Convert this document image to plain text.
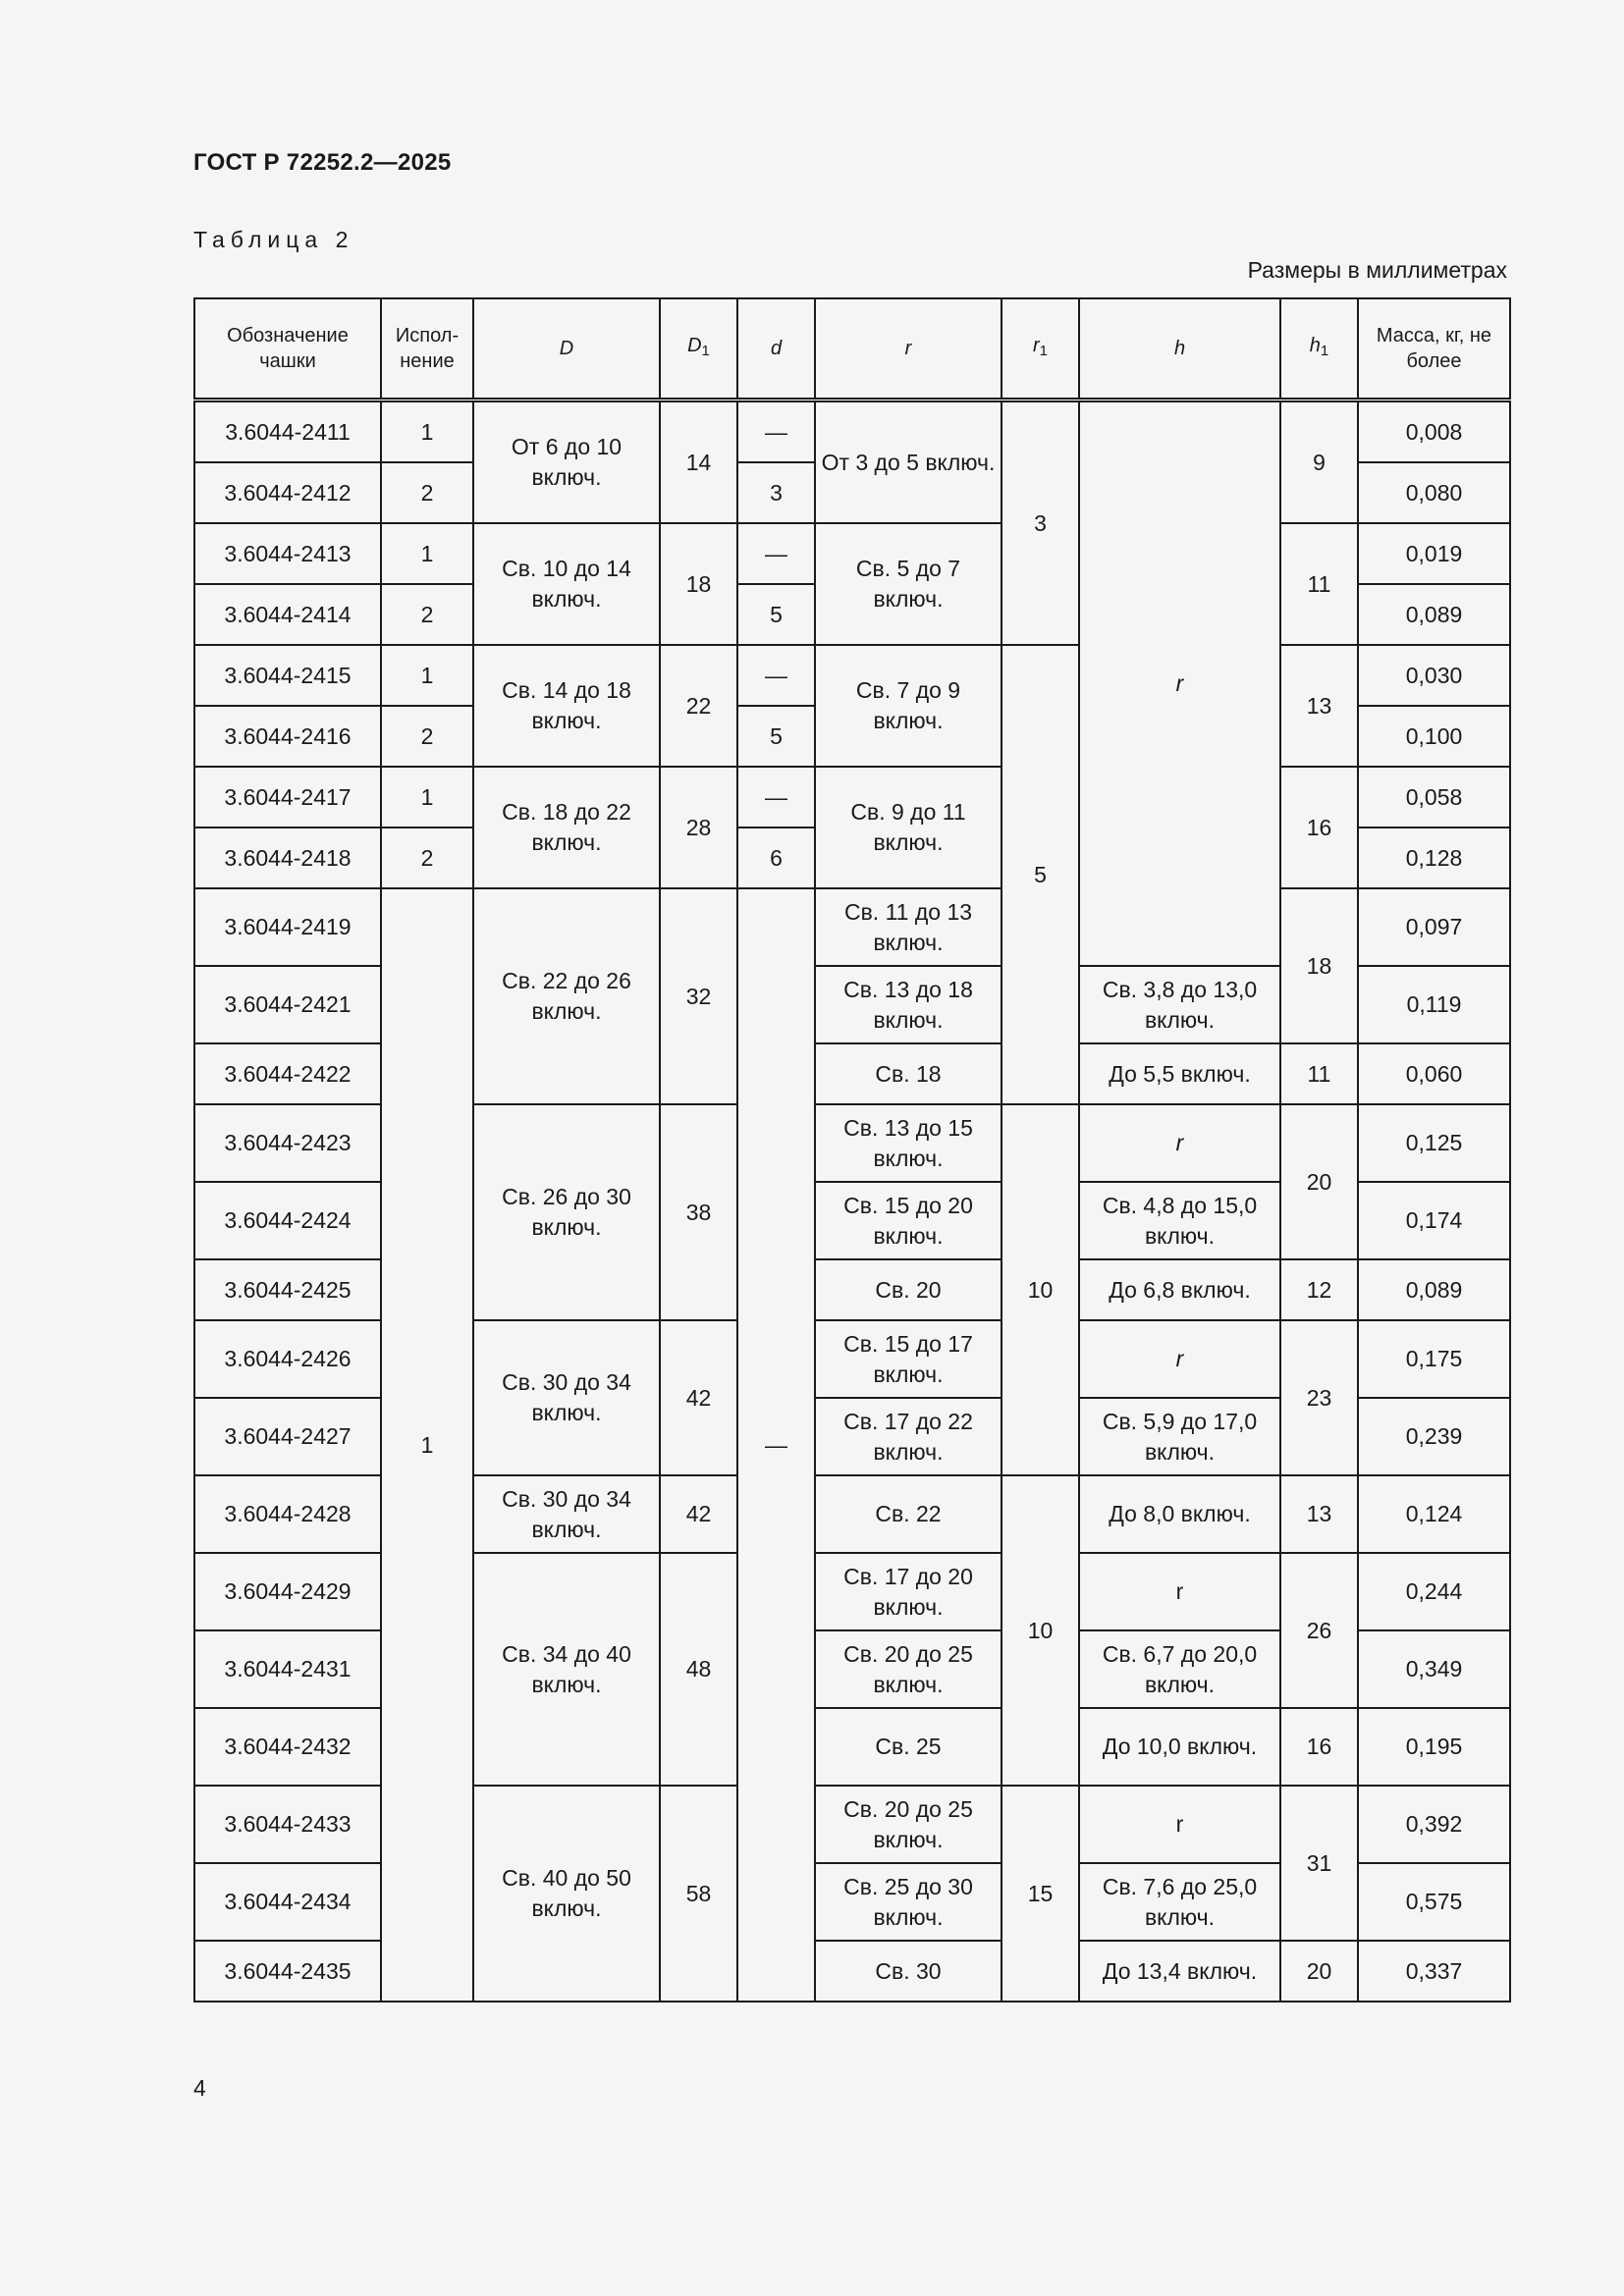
ГОСТ Р 72252.2—2025
Таблица 2
Размеры в миллиметрах
Обозначение чашки	Испол-нение	D	$D_1$	d	r	$r_1$	h	$h_1$	Масса, кг, не более
3.6044-2411	1	От 6 до 10 включ.	14	—	От 3 до 5 включ.	3	r	9	0,008
3.6044-2412	2			3					0,080
3.6044-2413	1	Св. 10 до 14 включ.	18	—	Св. 5 до 7 включ.			11	0,019
3.6044-2414	2			5					0,089
3.6044-2415	1	Св. 14 до 18 включ.	22	—	Св. 7 до 9 включ.	5		13	0,030
3.6044-2416	2			5					0,100
3.6044-2417	1	Св. 18 до 22 включ.	28	—	Св. 9 до 11 включ.			16	0,058
3.6044-2418	2			6					0,128
3.6044-2419	1	Св. 22 до 26 включ.	32	—	Св. 11 до 13 включ.			18	0,097
3.6044-2421					Св. 13 до 18 включ.		Св. 3,8 до 13,0 включ.		0,119
3.6044-2422					Св. 18		До 5,5 включ.	11	0,060
3.6044-2423		Св. 26 до 30 включ.	38		Св. 13 до 15 включ.	10	r	20	0,125
3.6044-2424					Св. 15 до 20 включ.		Св. 4,8 до 15,0 включ.		0,174
3.6044-2425					Св. 20		До 6,8 включ.	12	0,089
3.6044-2426		Св. 30 до 34 включ.	42		Св. 15 до 17 включ.		r	23	0,175
3.6044-2427					Св. 17 до 22 включ.		Св. 5,9 до 17,0 включ.		0,239
3.6044-2428		Св. 30 до 34 включ.	42		Св. 22	10	До 8,0 включ.	13	0,124
3.6044-2429		Св. 34 до 40 включ.	48		Св. 17 до 20 включ.		r	26	0,244
3.6044-2431					Св. 20 до 25 включ.		Св. 6,7 до 20,0 включ.		0,349
3.6044-2432					Св. 25		До 10,0 включ.	16	0,195
3.6044-2433		Св. 40 до 50 включ.	58		Св. 20 до 25 включ.	15	r	31	0,392
3.6044-2434					Св. 25 до 30 включ.		Св. 7,6 до 25,0 включ.		0,575
3.6044-2435					Св. 30		До 13,4 включ.	20	0,337
4
